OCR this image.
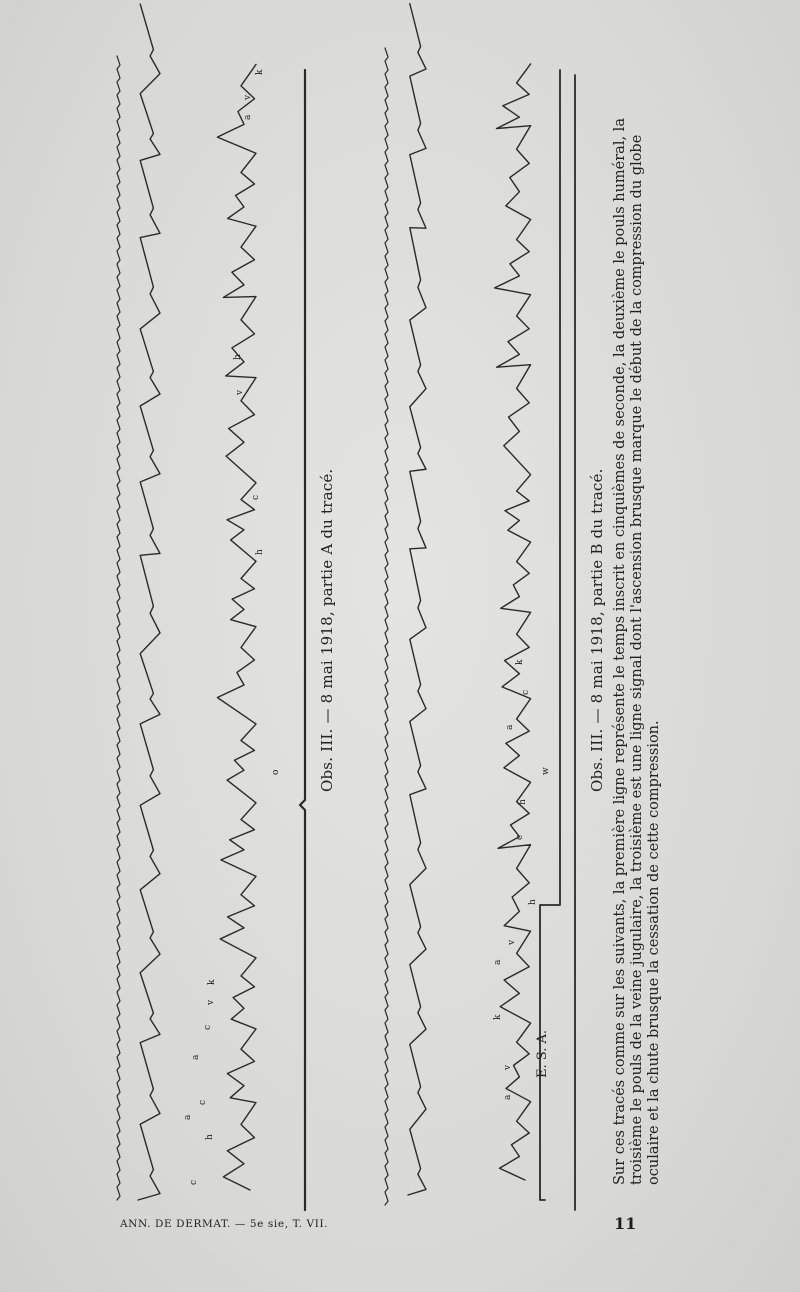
c
h
a
c
a
c
v
k
o
h
c
v
h
a
v
k
a
v
k
a
v
h
c
h
w
a
c
k
Obs. III. — 8 mai 1918, partie A du tracé.	Obs. III. — 8 mai 1918, partie B du tracé.
E. S. A.	Sur ces tracés comme sur les suivants, la première ligne représente le temps inscrit en cinquièmes de seconde, la deuxième le pouls huméral, la troisième le pouls de la veine jugulaire, la troisième est une ligne signal dont l'ascension brusque marque le début de la compression du globe oculaire et la chute brusque la cessation de cette compression.
ANN. DE DERMAT. — 5e sie, T. VII.	11
